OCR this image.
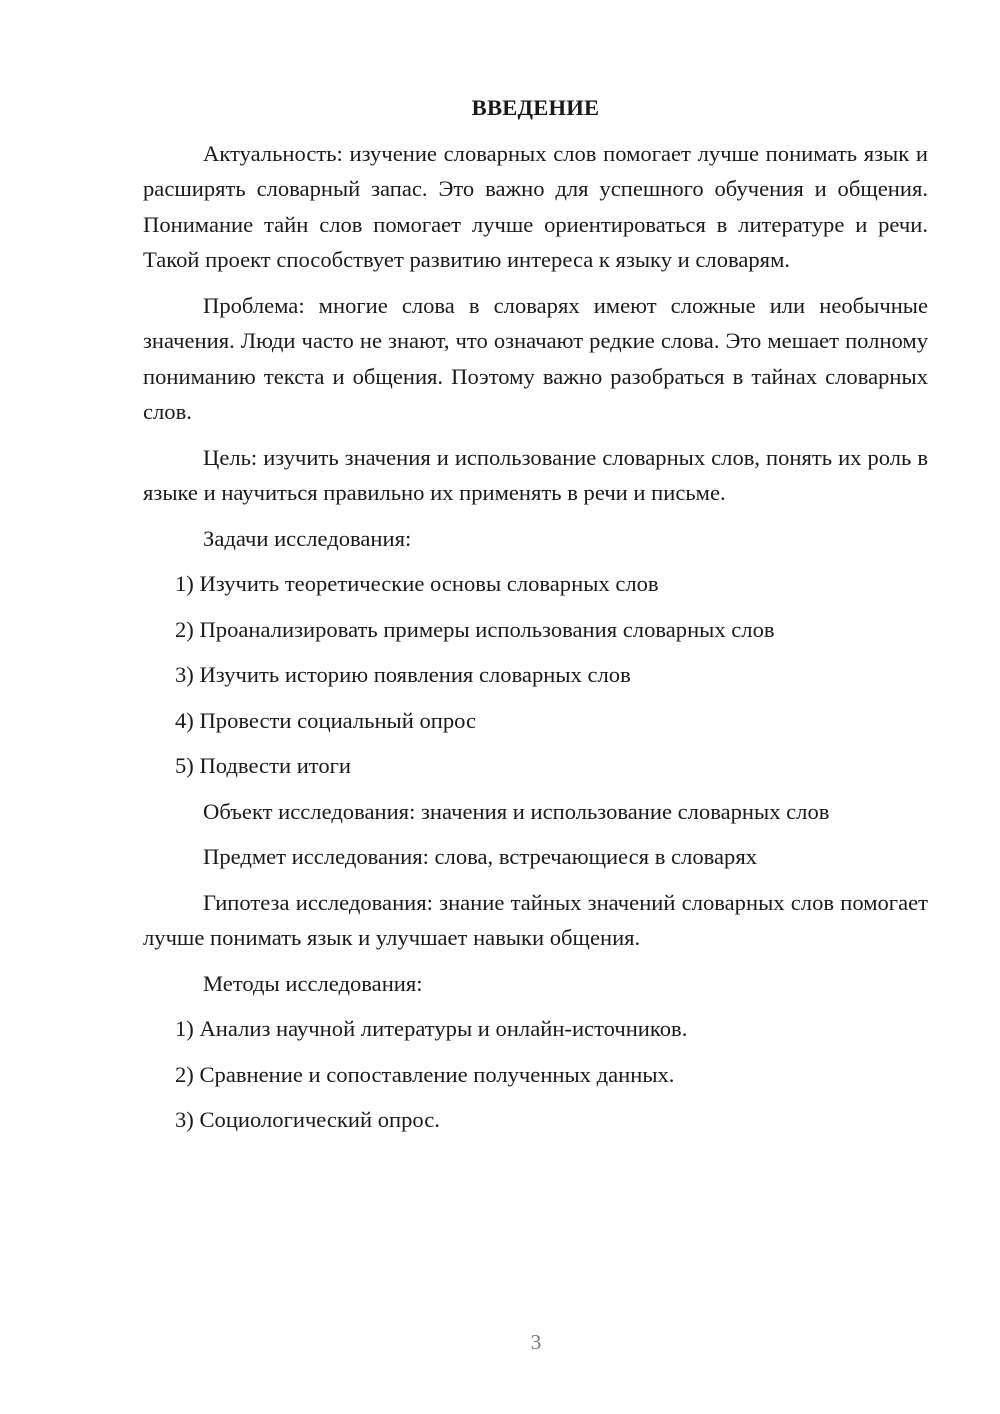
ВВЕДЕНИЕ

Актуальность: изучение словарных слов помогает лучше понимать язык и расширять словарный запас. Это важно для успешного обучения и общения. Понимание тайн слов помогает лучше ориентироваться в литературе и речи. Такой проект способствует развитию интереса к языку и словарям.

Проблема: многие слова в словарях имеют сложные или необычные значения. Люди часто не знают, что означают редкие слова. Это мешает полному пониманию текста и общения. Поэтому важно разобраться в тайнах словарных слов.

Цель: изучить значения и использование словарных слов, понять их роль в языке и научиться правильно их применять в речи и письме.

Задачи исследования:
1) Изучить теоретические основы словарных слов
2) Проанализировать примеры использования словарных слов
3) Изучить историю появления словарных слов
4) Провести социальный опрос
5) Подвести итоги
Объект исследования: значения и использование словарных слов
Предмет исследования: слова, встречающиеся в словарях

Гипотеза исследования: знание тайных значений словарных слов помогает лучше понимать язык и улучшает навыки общения.

Методы исследования:
1) Анализ научной литературы и онлайн-источников.
2) Сравнение и сопоставление полученных данных.
3) Социологический опрос.
3
